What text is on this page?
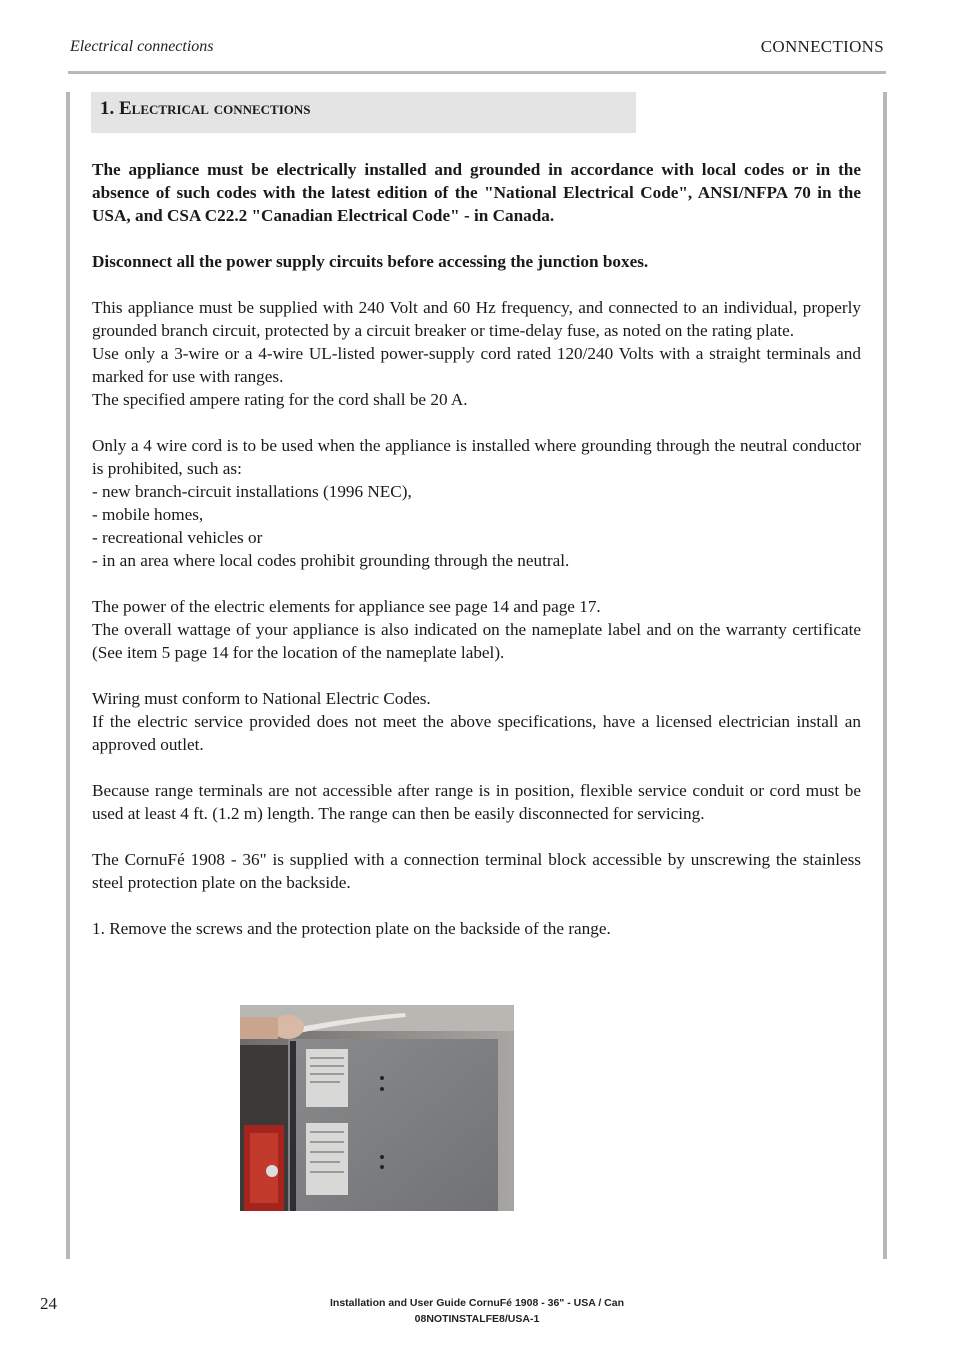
Electrical connections	CONNECTIONS
1. Electrical connections

The appliance must be electrically installed and grounded in accordance with local codes or in the absence of such codes with the latest edition of the "National Electrical Code", ANSI/NFPA 70 in the USA, and CSA C22.2 "Canadian Electrical Code" - in Canada.

Disconnect all the power supply circuits before accessing the junction boxes.

This appliance must be supplied with 240 Volt and 60 Hz frequency, and connected to an individual, properly grounded branch circuit, protected by a circuit breaker or time-delay fuse, as noted on the rating plate.
Use only a 3-wire or a 4-wire UL-listed power-supply cord rated 120/240 Volts with a straight terminals and marked for use with ranges.
The specified ampere rating for the cord shall be 20 A.

Only a 4 wire cord is to be used when the appliance is installed where grounding through the neutral conductor is prohibited, such as:
- new branch-circuit installations (1996 NEC),
- mobile homes,
- recreational vehicles or
- in an area where local codes prohibit grounding through the neutral.

The power of the electric elements for appliance see page 14 and page 17.
The overall wattage of your appliance is also indicated on the nameplate label and on the warranty certificate (See item 5 page 14 for the location of the nameplate label).

Wiring must conform to National Electric Codes.
If the electric service provided does not meet the above specifications, have a licensed electrician install an approved outlet.

Because range terminals are not accessible after range is in position, flexible service conduit or cord must be used at least 4 ft. (1.2 m) length. The range can then be easily disconnected for servicing.

The CornuFé 1908 - 36" is supplied with a connection terminal block accessible by unscrewing the stainless steel protection plate on the backside.

1. Remove the screws and the protection plate on the backside of the range.

24	Installation and User Guide CornuFé 1908 - 36" - USA / Can
08NOTINSTALFE8/USA-1
